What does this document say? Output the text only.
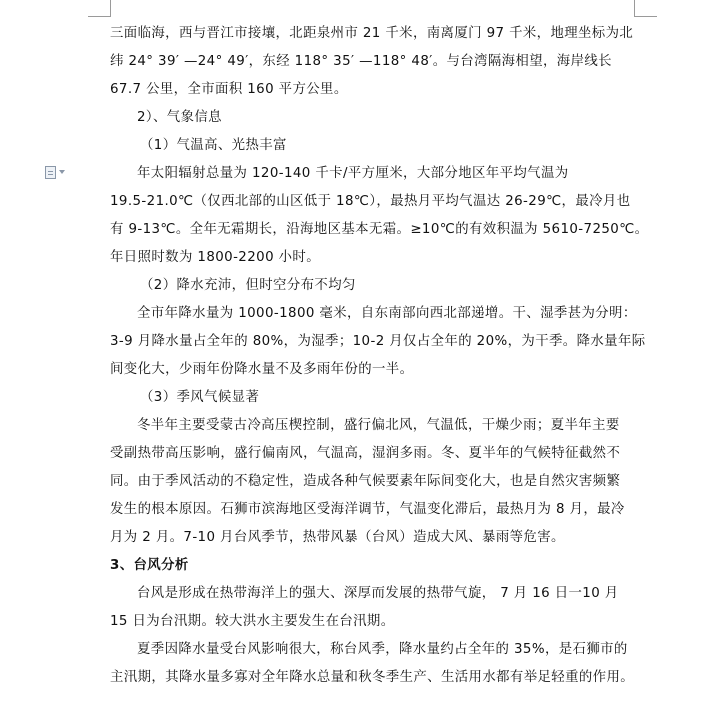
三面临海，西与晋江市接壤，北距泉州市 21 千米，南离厦门 97 千米，地理坐标为北

纬 24° 39′ —24° 49′，东经 118° 35′ —118° 48′。与台湾隔海相望，海岸线长

67.7 公里，全市面积 160 平方公里。

2）、气象信息

（1）气温高、光热丰富

年太阳辐射总量为 120-140 千卡/平方厘米，大部分地区年平均气温为

19.5-21.0℃（仅西北部的山区低于 18℃），最热月平均气温达 26-29℃，最冷月也

有 9-13℃。全年无霜期长，沿海地区基本无霜。≥10℃的有效积温为 5610-7250℃。

年日照时数为 1800-2200 小时。

（2）降水充沛，但时空分布不均匀

全市年降水量为 1000-1800 毫米，自东南部向西北部递增。干、湿季甚为分明：

3-9 月降水量占全年的 80%，为湿季；10-2 月仅占全年的 20%，为干季。降水量年际

间变化大，少雨年份降水量不及多雨年份的一半。

（3）季风气候显著

冬半年主要受蒙古冷高压楔控制，盛行偏北风，气温低，干燥少雨；夏半年主要

受副热带高压影响，盛行偏南风，气温高，湿润多雨。冬、夏半年的气候特征截然不

同。由于季风活动的不稳定性，造成各种气候要素年际间变化大，也是自然灾害频繁

发生的根本原因。石狮市滨海地区受海洋调节，气温变化滞后，最热月为 8 月，最冷

月为 2 月。7-10 月台风季节，热带风暴（台风）造成大风、暴雨等危害。

3、台风分析

台风是形成在热带海洋上的强大、深厚而发展的热带气旋， 7 月 16 日一10 月

15 日为台汛期。较大洪水主要发生在台汛期。

夏季因降水量受台风影响很大，称台风季，降水量约占全年的 35%，是石狮市的

主汛期，其降水量多寡对全年降水总量和秋冬季生产、生活用水都有举足轻重的作用。
